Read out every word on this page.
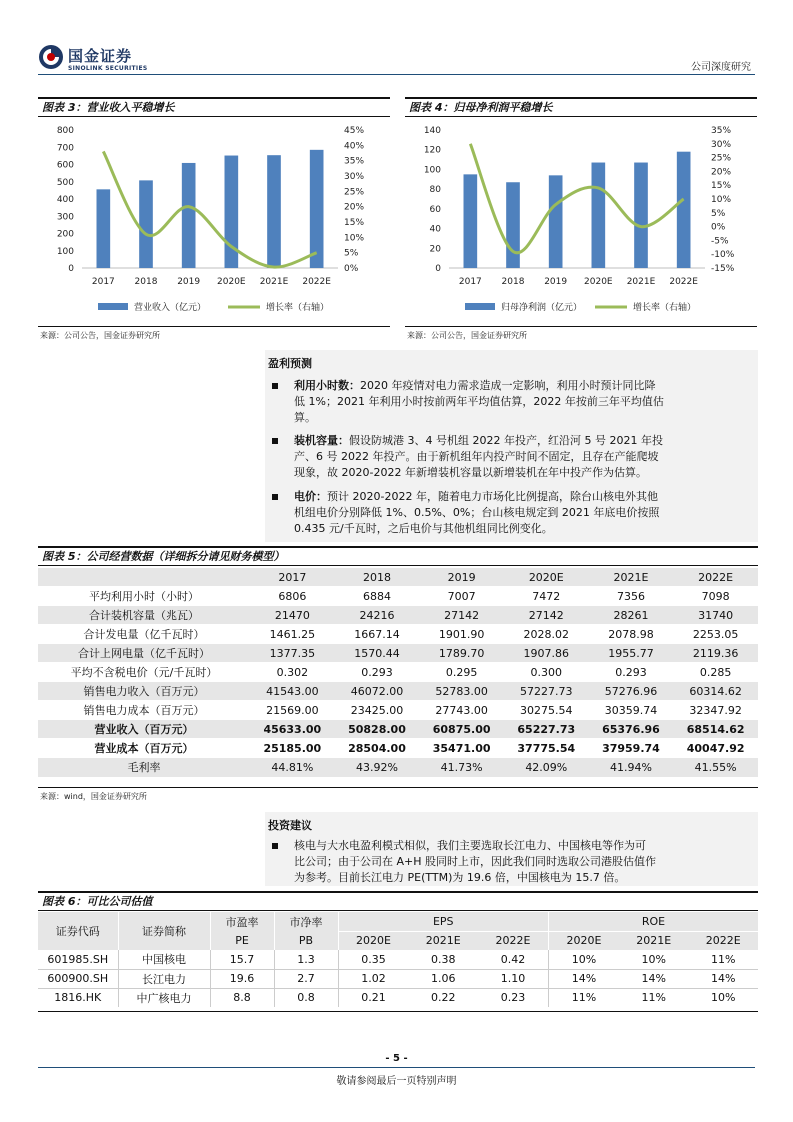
国金证券
SINOLINK SECURITIES	公司深度研究
图表 3：营业收入平稳增长
0
100
200
300
400
500
600
700
800
0%
5%
10%
15%
20%
25%
30%
35%
40%
45%
2017 2018 2019 2020E 2021E 2022E
营业收入（亿元）	增长率（右轴）
来源：公司公告，国金证券研究所
图表 4：归母净利润平稳增长
0
20
40
60
80
100
120
140
-15%
-10%
-5%
0%
5%
10%
15%
20%
25%
30%
35%
2017 2018 2019 2020E 2021E 2022E
归母净利润（亿元）	增长率（右轴）
来源：公司公告，国金证券研究所
盈利预测
利用小时数：2020 年疫情对电力需求造成一定影响，利用小时预计同比降
低 1%；2021 年利用小时按前两年平均值估算，2022 年按前三年平均值估
算。
装机容量：假设防城港 3、4 号机组 2022 年投产，红沿河 5 号 2021 年投
产、6 号 2022 年投产。由于新机组年内投产时间不固定，且存在产能爬坡
现象，故 2020-2022 年新增装机容量以新增装机在年中投产作为估算。
电价：预计 2020-2022 年，随着电力市场化比例提高，除台山核电外其他
机组电价分别降低 1%、0.5%、0%；台山核电规定到 2021 年底电价按照
0.435 元/千瓦时，之后电价与其他机组同比例变化。
图表 5：公司经营数据（详细拆分请见财务模型）
	2017	2018	2019	2020E	2021E	2022E
平均利用小时（小时）	6806	6884	7007	7472	7356	7098
合计装机容量（兆瓦）	21470	24216	27142	27142	28261	31740
合计发电量（亿千瓦时）	1461.25	1667.14	1901.90	2028.02	2078.98	2253.05
合计上网电量（亿千瓦时）	1377.35	1570.44	1789.70	1907.86	1955.77	2119.36
平均不含税电价（元/千瓦时）	0.302	0.293	0.295	0.300	0.293	0.285
销售电力收入（百万元）	41543.00	46072.00	52783.00	57227.73	57276.96	60314.62
销售电力成本（百万元）	21569.00	23425.00	27743.00	30275.54	30359.74	32347.92
营业收入（百万元）	45633.00	50828.00	60875.00	65227.73	65376.96	68514.62
营业成本（百万元）	25185.00	28504.00	35471.00	37775.54	37959.74	40047.92
毛利率	44.81%	43.92%	41.73%	42.09%	41.94%	41.55%
来源：wind，国金证券研究所
投资建议
核电与大水电盈利模式相似，我们主要选取长江电力、中国核电等作为可
比公司；由于公司在 A+H 股同时上市，因此我们同时选取公司港股估值作
为参考。目前长江电力 PE(TTM)为 19.6 倍，中国核电为 15.7 倍。
图表 6：可比公司估值
证券代码	证券简称	市盈率	市净率	EPS			ROE		
		PE	PB	2020E	2021E	2022E	2020E	2021E	2022E
601985.SH	中国核电	15.7	1.3	0.35	0.38	0.42	10%	10%	11%
600900.SH	长江电力	19.6	2.7	1.02	1.06	1.10	14%	14%	14%
1816.HK	中广核电力	8.8	0.8	0.21	0.22	0.23	11%	11%	10%
- 5 -
敬请参阅最后一页特别声明
